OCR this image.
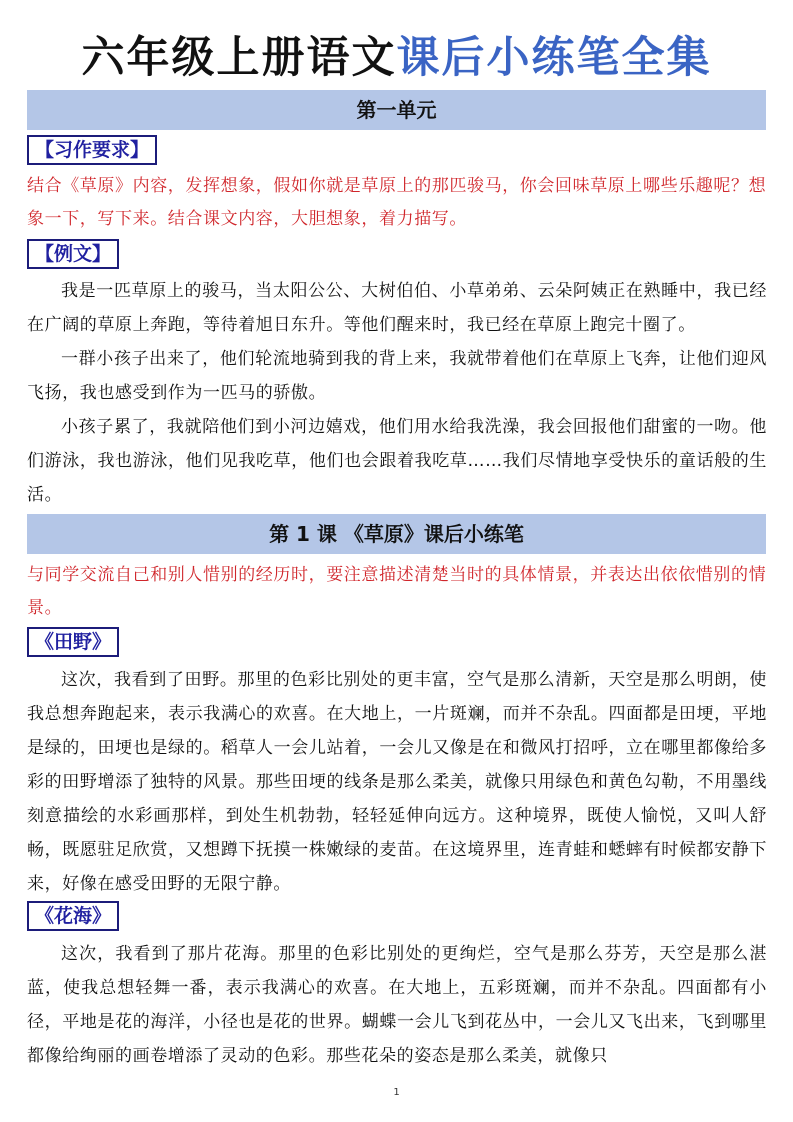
六年级上册语文课后小练笔全集
第一单元
【习作要求】
结合《草原》内容，发挥想象，假如你就是草原上的那匹骏马，你会回味草原上哪些乐趣呢？想象一下，写下来。结合课文内容，大胆想象，着力描写。
【例文】

我是一匹草原上的骏马，当太阳公公、大树伯伯、小草弟弟、云朵阿姨正在熟睡中，我已经在广阔的草原上奔跑，等待着旭日东升。等他们醒来时，我已经在草原上跑完十圈了。

一群小孩子出来了，他们轮流地骑到我的背上来，我就带着他们在草原上飞奔，让他们迎风飞扬，我也感受到作为一匹马的骄傲。

小孩子累了，我就陪他们到小河边嬉戏，他们用水给我洗澡，我会回报他们甜蜜的一吻。他们游泳，我也游泳，他们见我吃草，他们也会跟着我吃草……我们尽情地享受快乐的童话般的生活。

第 1 课 《草原》课后小练笔
与同学交流自己和别人惜别的经历时，要注意描述清楚当时的具体情景，并表达出依依惜别的情景。
《田野》

这次，我看到了田野。那里的色彩比别处的更丰富，空气是那么清新，天空是那么明朗，使我总想奔跑起来，表示我满心的欢喜。在大地上，一片斑斓，而并不杂乱。四面都是田埂，平地是绿的，田埂也是绿的。稻草人一会儿站着，一会儿又像是在和微风打招呼，立在哪里都像给多彩的田野增添了独特的风景。那些田埂的线条是那么柔美，就像只用绿色和黄色勾勒，不用墨线刻意描绘的水彩画那样，到处生机勃勃，轻轻延伸向远方。这种境界，既使人愉悦，又叫人舒畅，既愿驻足欣赏，又想蹲下抚摸一株嫩绿的麦苗。在这境界里，连青蛙和蟋蟀有时候都安静下来，好像在感受田野的无限宁静。

《花海》

这次，我看到了那片花海。那里的色彩比别处的更绚烂，空气是那么芬芳，天空是那么湛蓝，使我总想轻舞一番，表示我满心的欢喜。在大地上，五彩斑斓，而并不杂乱。四面都有小径，平地是花的海洋，小径也是花的世界。蝴蝶一会儿飞到花丛中，一会儿又飞出来，飞到哪里都像给绚丽的画卷增添了灵动的色彩。那些花朵的姿态是那么柔美，就像只

1
